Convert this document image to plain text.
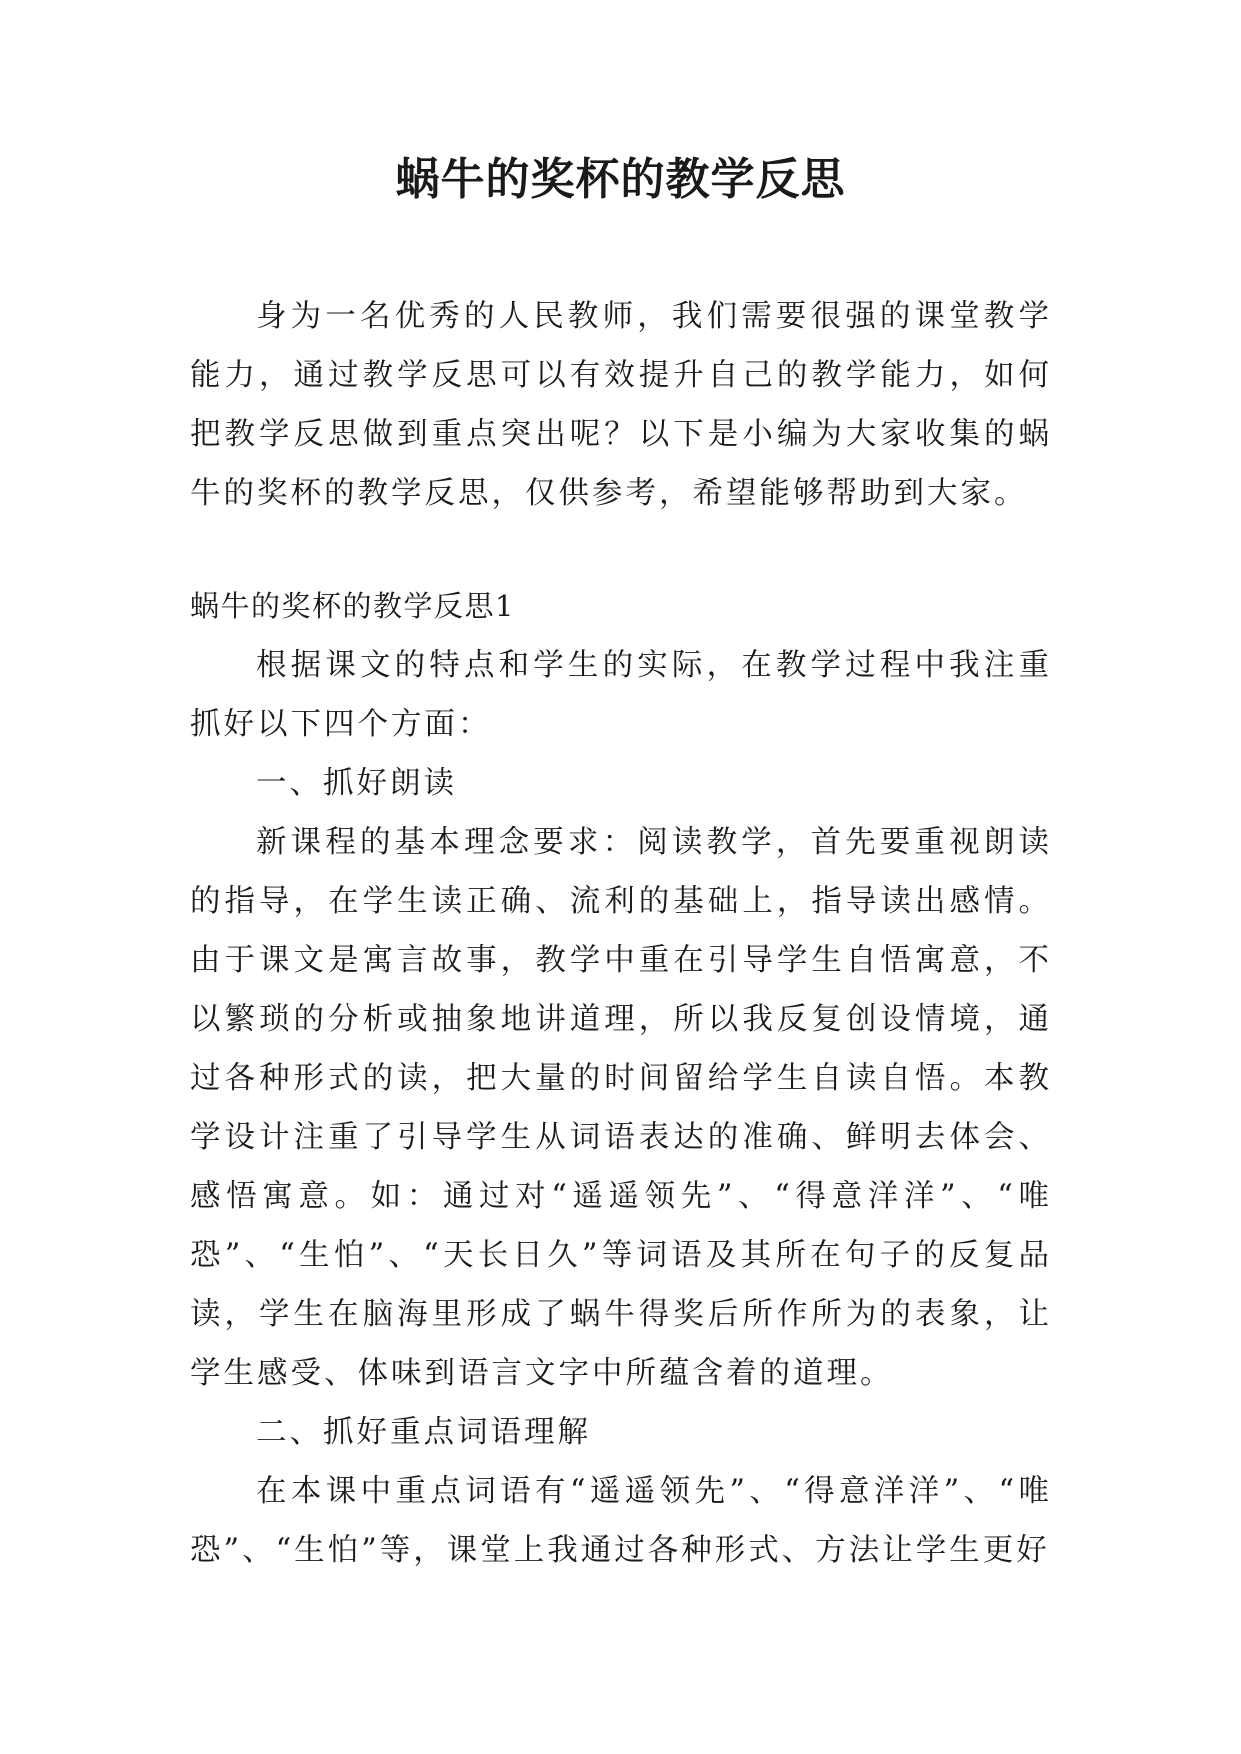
蜗牛的奖杯的教学反思

身为一名优秀的人民教师，我们需要很强的课堂教学能力，通过教学反思可以有效提升自己的教学能力，如何把教学反思做到重点突出呢？以下是小编为大家收集的蜗牛的奖杯的教学反思，仅供参考，希望能够帮助到大家。

蜗牛的奖杯的教学反思1

根据课文的特点和学生的实际，在教学过程中我注重抓好以下四个方面：

一、抓好朗读

新课程的基本理念要求：阅读教学，首先要重视朗读的指导，在学生读正确、流利的基础上，指导读出感情。由于课文是寓言故事，教学中重在引导学生自悟寓意，不以繁琐的分析或抽象地讲道理，所以我反复创设情境，通过各种形式的读，把大量的时间留给学生自读自悟。本教学设计注重了引导学生从词语表达的准确、鲜明去体会、感悟寓意。如：通过对“遥遥领先”、“得意洋洋”、“唯恐”、“生怕”、“天长日久”等词语及其所在句子的反复品读，学生在脑海里形成了蜗牛得奖后所作所为的表象，让学生感受、体味到语言文字中所蕴含着的道理。

二、抓好重点词语理解

在本课中重点词语有“遥遥领先”、“得意洋洋”、“唯恐”、“生怕”等，课堂上我通过各种形式、方法让学生更好
